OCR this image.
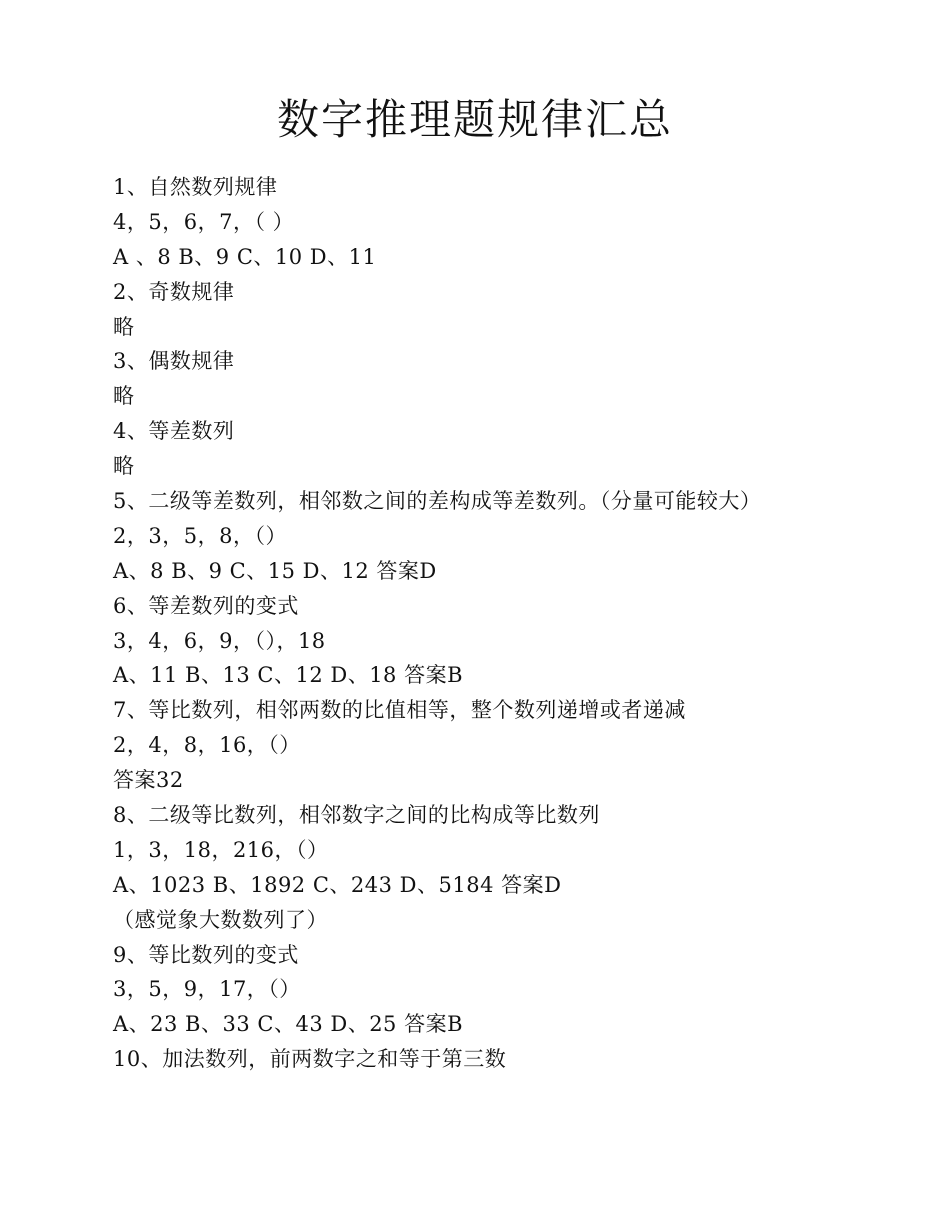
数字推理题规律汇总
1、自然数列规律
4，5，6，7，（ ）
A 、8 B、9 C、10 D、11
2、奇数规律
略
3、偶数规律
略
4、等差数列
略
5、二级等差数列，相邻数之间的差构成等差数列。（分量可能较大）
2，3，5，8，（）
A、8 B、9 C、15 D、12 答案D
6、等差数列的变式
3，4，6，9，（），18
A、11 B、13 C、12 D、18 答案B
7、等比数列，相邻两数的比值相等，整个数列递增或者递减
2，4，8，16，（）
答案32
8、二级等比数列，相邻数字之间的比构成等比数列
1，3，18，216，（）
A、1023 B、1892 C、243 D、5184 答案D
（感觉象大数数列了）
9、等比数列的变式
3，5，9，17，（）
A、23 B、33 C、43 D、25 答案B
10、加法数列，前两数字之和等于第三数
